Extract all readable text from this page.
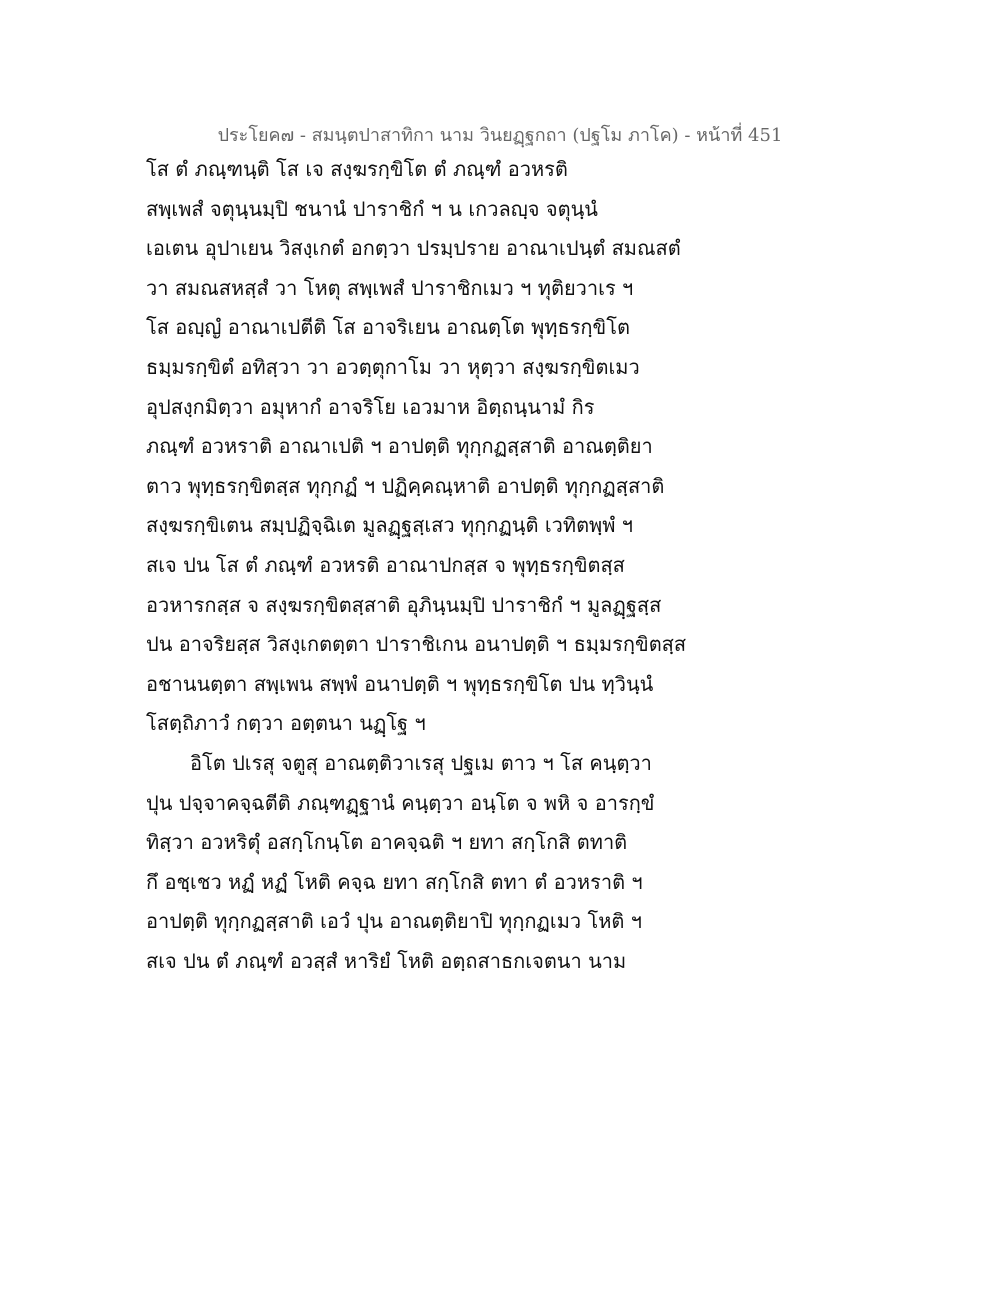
ประโยค๗ - สมนฺตปาสาทิกา นาม วินยฏฺฐกถา (ปฐโม ภาโค) - หน้าที่ 451
โส ตํ ภณฺฑนฺติ โส เจ สงฺฆรกฺขิโต ตํ ภณฺฑํ อวหรติ
สพฺเพสํ จตุนฺนมฺปิ ชนานํ ปาราชิกํ ฯ น เกวลญฺจ จตุนฺนํ
เอเตน อุปาเยน วิสงฺเกตํ อกตฺวา ปรมฺปราย อาณาเปนฺตํ สมณสตํ
วา สมณสหสฺสํ วา โหตุ สพฺเพสํ ปาราชิกเมว ฯ ทุติยวาเร ฯ
โส อญฺญํ อาณาเปตีติ โส อาจริเยน อาณตฺโต พุทฺธรกฺขิโต
ธมฺมรกฺขิตํ อทิสฺวา วา อวตฺตุกาโม วา หุตฺวา สงฺฆรกฺขิตเมว
อุปสงฺกมิตฺวา อมุหากํ อาจริโย เอวมาห อิตฺถนฺนามํ กิร
ภณฺฑํ อวหราติ อาณาเปติ ฯ อาปตฺติ ทุกฺกฏสฺสาติ อาณตฺติยา
ตาว พุทฺธรกฺขิตสฺส ทุกฺกฏํ ฯ ปฏิคฺคณฺหาติ อาปตฺติ ทุกฺกฏสฺสาติ
สงฺฆรกฺขิเตน สมฺปฏิจฺฉิเต มูลฏฺฐสฺเสว ทุกฺกฏนฺติ เวทิตพฺพํ ฯ
สเจ ปน โส ตํ ภณฺฑํ อวหรติ อาณาปกสฺส จ พุทฺธรกฺขิตสฺส
อวหารกสฺส จ สงฺฆรกฺขิตสฺสาติ อุภินฺนมฺปิ ปาราชิกํ ฯ มูลฏฺฐสฺส
ปน อาจริยสฺส วิสงฺเกตตฺตา ปาราชิเกน อนาปตฺติ ฯ ธมฺมรกฺขิตสฺส
อชานนตฺตา สพฺเพน สพฺพํ อนาปตฺติ ฯ พุทฺธรกฺขิโต ปน ทฺวินฺนํ
โสตฺถิภาวํ กตฺวา อตฺตนา นฏฺโฐ ฯ
อิโต ปเรสุ จตูสุ อาณตฺติวาเรสุ ปฐเม ตาว ฯ โส คนฺตฺวา
ปุน ปจฺจาคจฺฉตีติ ภณฺฑฏฺฐานํ คนฺตฺวา อนฺโต จ พหิ จ อารกฺขํ
ทิสฺวา อวหริตุํ อสกฺโกนฺโต อาคจฺฉติ ฯ ยทา สกฺโกสิ ตทาติ
กึ อชฺเชว หฏํ หฏํ โหติ คจฺฉ ยทา สกฺโกสิ ตทา ตํ อวหราติ ฯ
อาปตฺติ ทุกฺกฏสฺสาติ เอวํ ปุน อาณตฺติยาปิ ทุกฺกฏเมว โหติ ฯ
สเจ ปน ตํ ภณฺฑํ อวสฺสํ หาริยํ โหติ อตฺถสาธกเจตนา นาม
